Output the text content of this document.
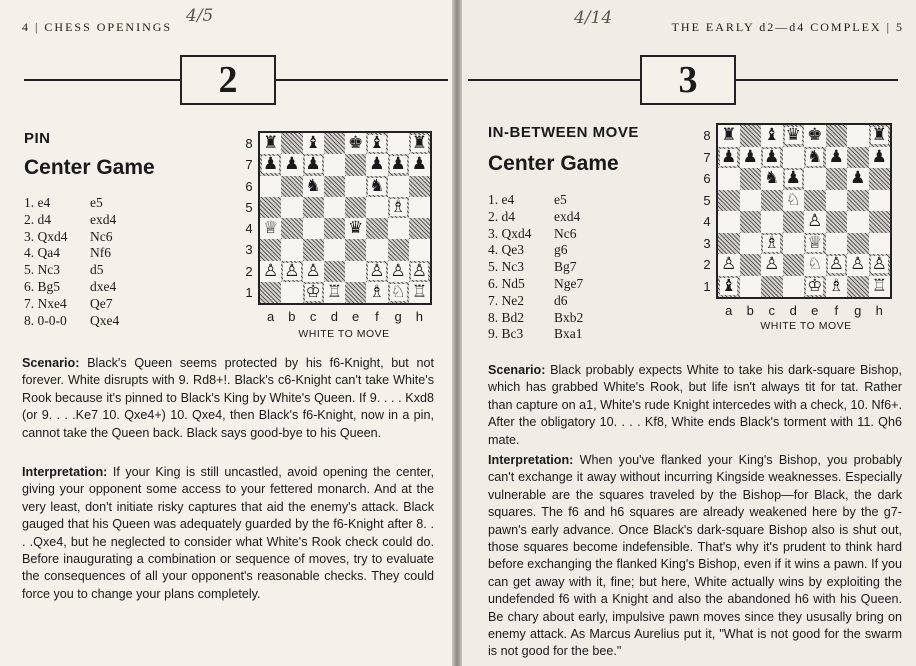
4 | CHESS OPENINGS
4/5
2
PIN
Center Game
1. e4	e5
2. d4	exd4
3. Qxd4	Nc6
4. Qa4	Nf6
5. Nc3	d5
6. Bg5	dxe4
7. Nxe4	Qe7
8. 0-0-0	Qxe4
8
7
6
5
4
3
2
1
♜ ♝ ♚ ♝ ♜
♟ ♟ ♟	♟ ♟ ♟
♞	♞
♗
♕	♛
♙ ♙ ♙	♙ ♙ ♙
♔ ♖ ♗ ♘ ♖
a	b	c	d	e	f	g	h
WHITE TO MOVE
Scenario: Black's Queen seems protected by his f6-Knight, but not forever. White disrupts with 9. Rd8+!. Black's c6-Knight can't take White's Rook because it's pinned to Black's King by White's Queen. If 9. . . . Kxd8 (or 9. . . .Ke7 10. Qxe4+) 10. Qxe4, then Black's f6-Knight, now in a pin, cannot take the Queen back. Black says good-bye to his Queen.
Interpretation: If your King is still uncastled, avoid opening the center, giving your opponent some access to your fettered monarch. And at the very least, don't initiate risky captures that aid the enemy's attack. Black gauged that his Queen was adequately guarded by the f6-Knight after 8. . . .Qxe4, but he neglected to consider what White's Rook check could do. Before inaugurating a combination or sequence of moves, try to evaluate the consequences of all your opponent's reasonable checks. They could force you to change your plans completely.
THE EARLY d2—d4 COMPLEX | 5
4/14
3
IN-BETWEEN MOVE
Center Game
1. e4	e5
2. d4	exd4
3. Qxd4	Nc6
4. Qe3	g6
5. Nc3	Bg7
6. Nd5	Nge7
7. Ne2	d6
8. Bd2	Bxb2
9. Bc3	Bxa1
8
7
6
5
4
3
2
1
♜ ♝ ♛ ♚	♜
♟ ♟ ♟ ♞ ♟ ♟
♞ ♟	♟
♘
♙
♗ ♕
♙ ♙ ♘ ♙ ♙ ♙
♝	♔ ♗ ♖
a	b	c	d	e	f	g	h
WHITE TO MOVE
Scenario: Black probably expects White to take his dark-square Bishop, which has grabbed White's Rook, but life isn't always tit for tat. Rather than capture on a1, White's rude Knight intercedes with a check, 10. Nf6+. After the obligatory 10. . . . Kf8, White ends Black's torment with 11. Qh6 mate.
Interpretation: When you've flanked your King's Bishop, you probably can't exchange it away without incurring Kingside weaknesses. Especially vulnerable are the squares traveled by the Bishop—for Black, the dark squares. The f6 and h6 squares are already weakened here by the g7-pawn's early advance. Once Black's dark-square Bishop also is shut out, those squares become indefensible. That's why it's prudent to think hard before exchanging the flanked King's Bishop, even if it wins a pawn. If you can get away with it, fine; but here, White actually wins by exploiting the undefended f6 with a Knight and also the abandoned h6 with his Queen. Be chary about early, impulsive pawn moves since they ususally bring on enemy attack. As Marcus Aurelius put it, "What is not good for the swarm is not good for the bee."
